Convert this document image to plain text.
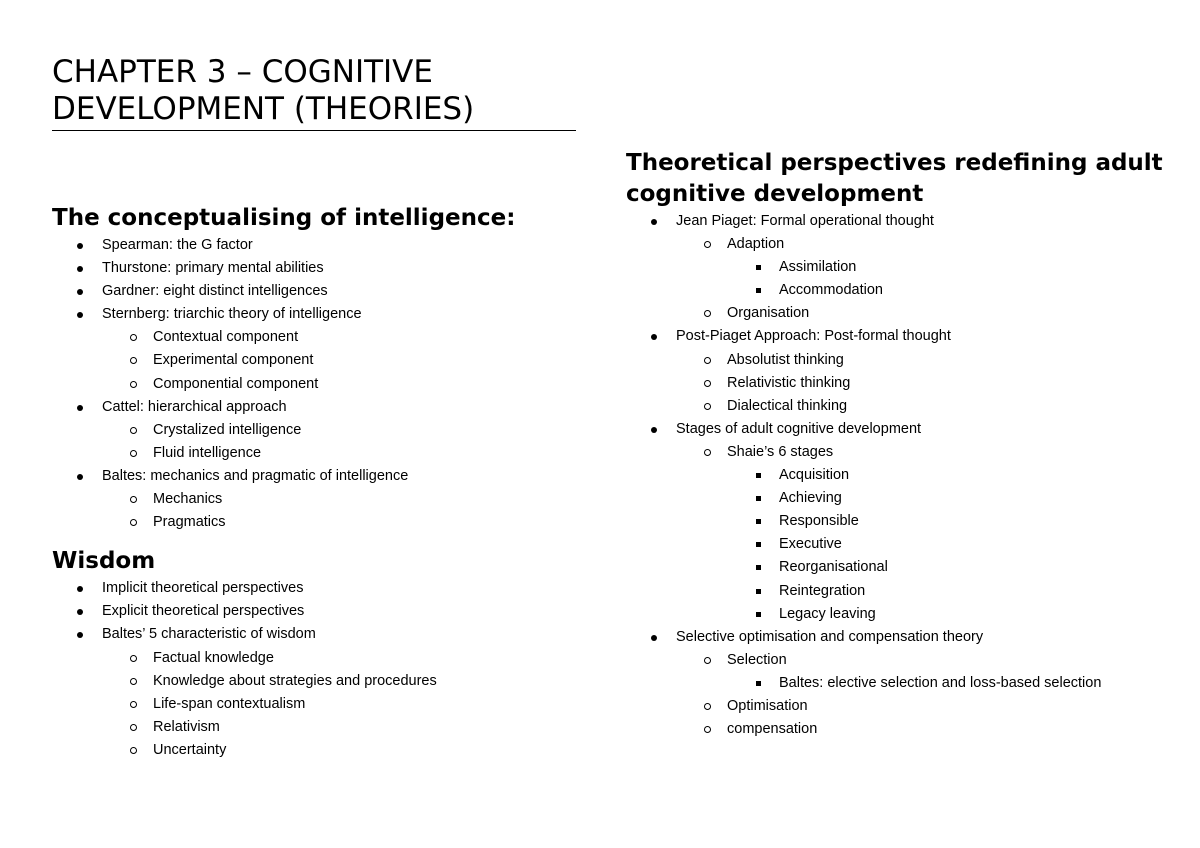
CHAPTER 3 – COGNITIVE DEVELOPMENT (THEORIES)
The conceptualising of intelligence:
Spearman: the G factor
Thurstone: primary mental abilities
Gardner: eight distinct intelligences
Sternberg: triarchic theory of intelligence
Contextual component
Experimental component
Componential component
Cattel: hierarchical approach
Crystalized intelligence
Fluid intelligence
Baltes: mechanics and pragmatic of intelligence
Mechanics
Pragmatics
Wisdom
Implicit theoretical perspectives
Explicit theoretical perspectives
Baltes’ 5 characteristic of wisdom
Factual knowledge
Knowledge about strategies and procedures
Life-span contextualism
Relativism
Uncertainty
Theoretical perspectives redefining adult cognitive development
Jean Piaget: Formal operational thought
Adaption
Assimilation
Accommodation
Organisation
Post-Piaget Approach: Post-formal thought
Absolutist thinking
Relativistic thinking
Dialectical thinking
Stages of adult cognitive development
Shaie’s 6 stages
Acquisition
Achieving
Responsible
Executive
Reorganisational
Reintegration
Legacy leaving
Selective optimisation and compensation theory
Selection
Baltes: elective selection and loss-based selection
Optimisation
compensation
